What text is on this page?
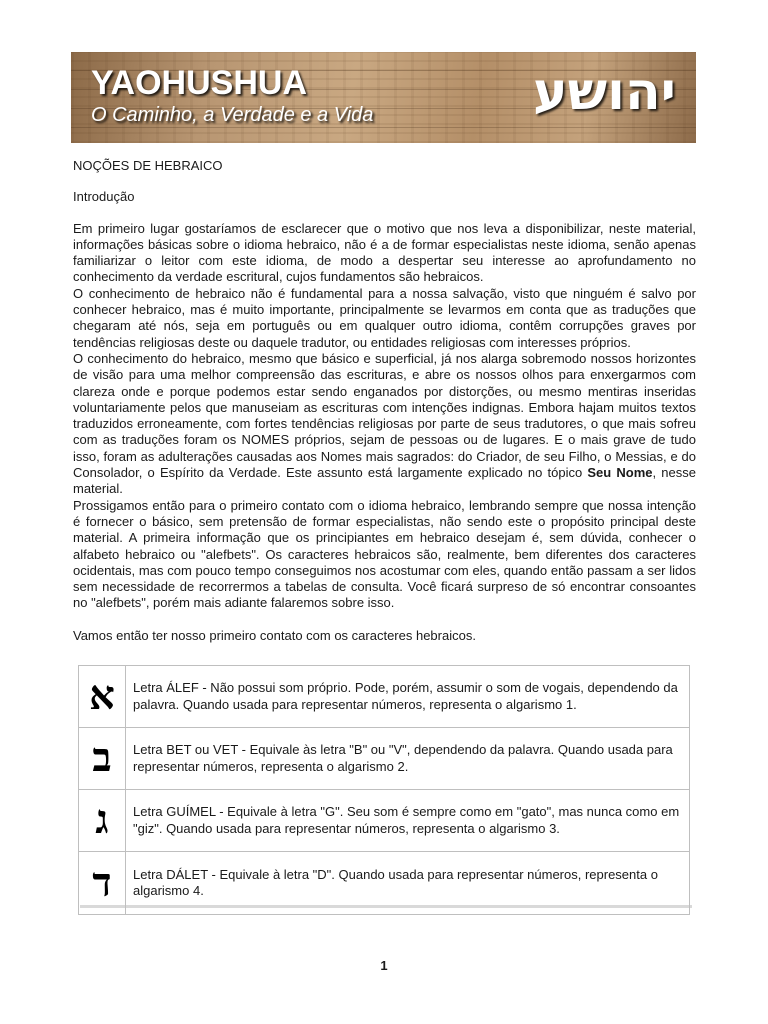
YAOHUSHUA
O Caminho, a Verdade e a Vida	יהושע

NOÇÕES DE HEBRAICO

Introdução

Em primeiro lugar gostaríamos de esclarecer que o motivo que nos leva a disponibilizar, neste material, informações básicas sobre o idioma hebraico, não é a de formar especialistas neste idioma, senão apenas familiarizar o leitor com este idioma, de modo a despertar seu interesse ao aprofundamento no conhecimento da verdade escritural, cujos fundamentos são hebraicos.

O conhecimento de hebraico não é fundamental para a nossa salvação, visto que ninguém é salvo por conhecer hebraico, mas é muito importante, principalmente se levarmos em conta que as traduções que chegaram até nós, seja em português ou em qualquer outro idioma, contêm corrupções graves por tendências religiosas deste ou daquele tradutor, ou entidades religiosas com interesses próprios.

O conhecimento do hebraico, mesmo que básico e superficial, já nos alarga sobremodo nossos horizontes de visão para uma melhor compreensão das escrituras, e abre os nossos olhos para enxergarmos com clareza onde e porque podemos estar sendo enganados por distorções, ou mesmo mentiras inseridas voluntariamente pelos que manuseiam as escrituras com intenções indignas. Embora hajam muitos textos traduzidos erroneamente, com fortes tendências religiosas por parte de seus tradutores, o que mais sofreu com as traduções foram os NOMES próprios, sejam de pessoas ou de lugares. E o mais grave de tudo isso, foram as adulterações causadas aos Nomes mais sagrados: do Criador, de seu Filho, o Messias, e do Consolador, o Espírito da Verdade. Este assunto está largamente explicado no tópico Seu Nome, nesse material.

Prossigamos então para o primeiro contato com o idioma hebraico, lembrando sempre que nossa intenção é fornecer o básico, sem pretensão de formar especialistas, não sendo este o propósito principal deste material. A primeira informação que os principiantes em hebraico desejam é, sem dúvida, conhecer o alfabeto hebraico ou "alefbets". Os caracteres hebraicos são, realmente, bem diferentes dos caracteres ocidentais, mas com pouco tempo conseguimos nos acostumar com eles, quando então passam a ser lidos sem necessidade de recorrermos a tabelas de consulta. Você ficará surpreso de só encontrar consoantes no "alefbets", porém mais adiante falaremos sobre isso.

Vamos então ter nosso primeiro contato com os caracteres hebraicos.

א	Letra ÁLEF - Não possui som próprio. Pode, porém, assumir o som de vogais, dependendo da palavra. Quando usada para representar números, representa o algarismo 1.
ב	Letra BET ou VET - Equivale às letra "B" ou "V", dependendo da palavra. Quando usada para representar números, representa o algarismo 2.
ג	Letra GUÍMEL - Equivale à letra "G". Seu som é sempre como em "gato", mas nunca como em "giz". Quando usada para representar números, representa o algarismo 3.
ד	Letra DÁLET - Equivale à letra "D". Quando usada para representar números, representa o algarismo 4.
1
